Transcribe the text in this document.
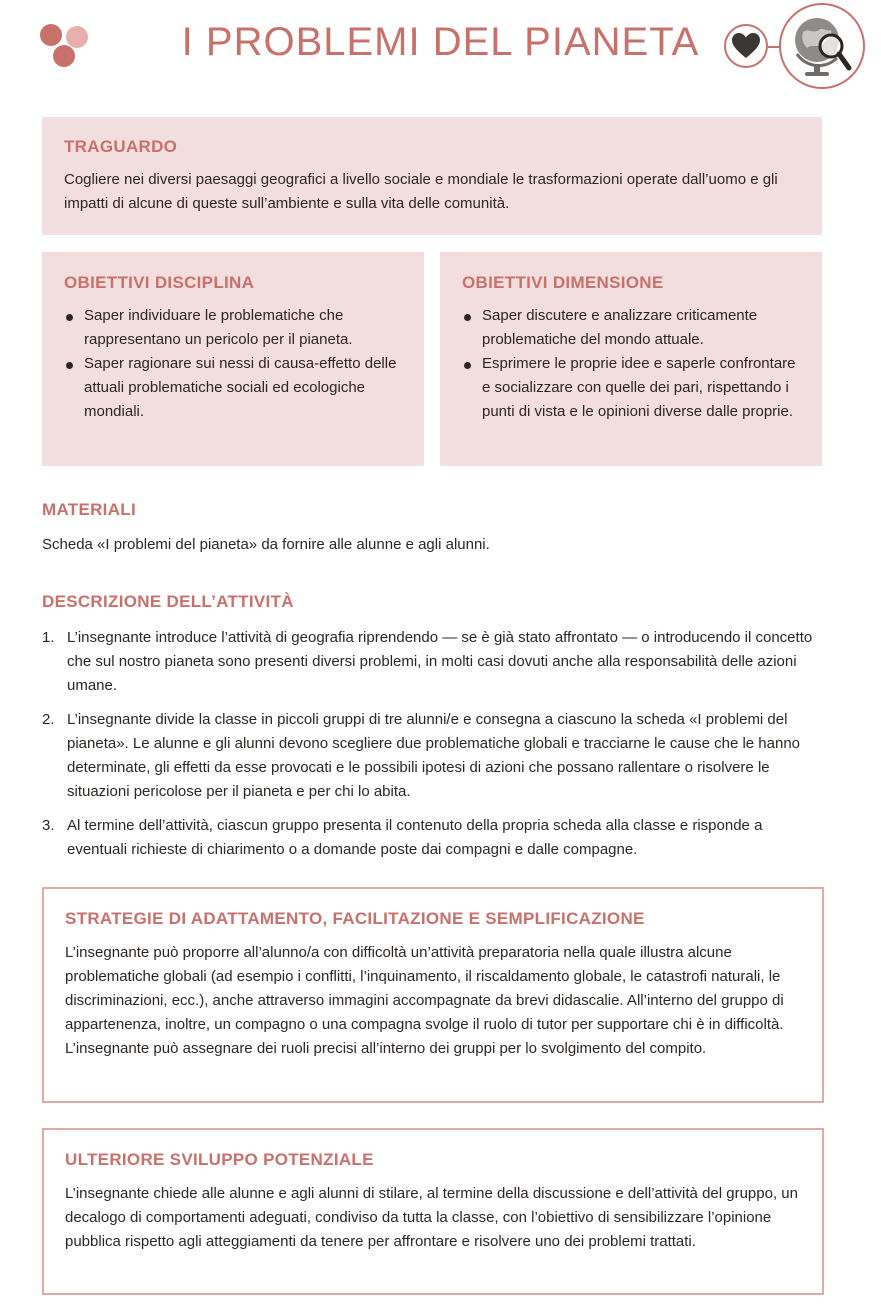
I PROBLEMI DEL PIANETA
TRAGUARDO

Cogliere nei diversi paesaggi geografici a livello sociale e mondiale le trasformazioni operate dall’uomo e gli impatti di alcune di queste sull’ambiente e sulla vita delle comunità.

OBIETTIVI DISCIPLINA
Saper individuare le problematiche che rappresentano un pericolo per il pianeta.
Saper ragionare sui nessi di causa-effetto delle attuali problematiche sociali ed ecologiche mondiali.
OBIETTIVI DIMENSIONE
Saper discutere e analizzare criticamente problematiche del mondo attuale.
Esprimere le proprie idee e saperle confrontare e socializzare con quelle dei pari, rispettando i punti di vista e le opinioni diverse dalle proprie.
MATERIALI

Scheda «I problemi del pianeta» da fornire alle alunne e agli alunni.

DESCRIZIONE DELL’ATTIVITÀ
1. L’insegnante introduce l’attività di geografia riprendendo — se è già stato affrontato — o introducendo il concetto che sul nostro pianeta sono presenti diversi problemi, in molti casi dovuti anche alla responsabilità delle azioni umane.
2. L’insegnante divide la classe in piccoli gruppi di tre alunni/e e consegna a ciascuno la scheda «I problemi del pianeta». Le alunne e gli alunni devono scegliere due problematiche globali e tracciarne le cause che le hanno determinate, gli effetti da esse provocati e le possibili ipotesi di azioni che possano rallentare o risolvere le situazioni pericolose per il pianeta e per chi lo abita.
3. Al termine dell’attività, ciascun gruppo presenta il contenuto della propria scheda alla classe e risponde a eventuali richieste di chiarimento o a domande poste dai compagni e dalle compagne.
STRATEGIE DI ADATTAMENTO, FACILITAZIONE E SEMPLIFICAZIONE

L’insegnante può proporre all’alunno/a con difficoltà un’attività preparatoria nella quale illustra alcune problematiche globali (ad esempio i conflitti, l’inquinamento, il riscaldamento globale, le catastrofi naturali, le discriminazioni, ecc.), anche attraverso immagini accompagnate da brevi didascalie. All’interno del gruppo di appartenenza, inoltre, un compagno o una compagna svolge il ruolo di tutor per supportare chi è in difficoltà. L’insegnante può assegnare dei ruoli precisi all’interno dei gruppi per lo svolgimento del compito.

ULTERIORE SVILUPPO POTENZIALE

L’insegnante chiede alle alunne e agli alunni di stilare, al termine della discussione e dell’attività del gruppo, un decalogo di comportamenti adeguati, condiviso da tutta la classe, con l’obiettivo di sensibilizzare l’opinione pubblica rispetto agli atteggiamenti da tenere per affrontare e risolvere uno dei problemi trattati.
